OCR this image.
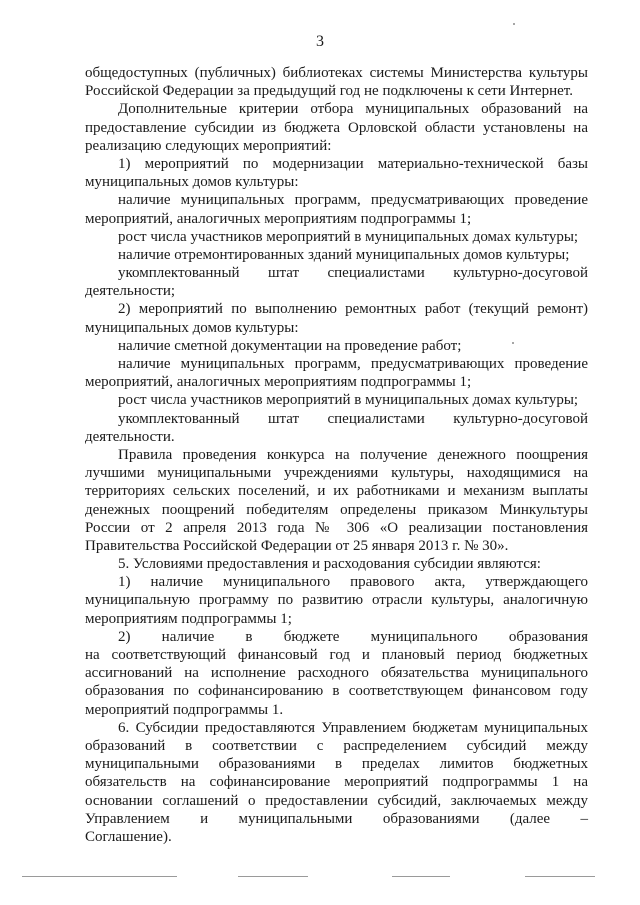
3
общедоступных (публичных) библиотеках системы Министерства культуры
Российской Федерации за предыдущий год не подключены к сети Интернет.
Дополнительные критерии отбора муниципальных образований на
предоставление субсидии из бюджета Орловской области установлены на
реализацию следующих мероприятий:
1) мероприятий по модернизации материально-технической базы
муниципальных домов культуры:
наличие муниципальных программ, предусматривающих проведение
мероприятий, аналогичных мероприятиям подпрограммы 1;
рост числа участников мероприятий в муниципальных домах культуры;
наличие отремонтированных зданий муниципальных домов культуры;
укомплектованный штат специалистами культурно-досуговой
деятельности;
2) мероприятий по выполнению ремонтных работ (текущий ремонт)
муниципальных домов культуры:
наличие сметной документации на проведение работ;
наличие муниципальных программ, предусматривающих проведение
мероприятий, аналогичных мероприятиям подпрограммы 1;
рост числа участников мероприятий в муниципальных домах культуры;
укомплектованный штат специалистами культурно-досуговой
деятельности.
Правила проведения конкурса на получение денежного поощрения
лучшими муниципальными учреждениями культуры, находящимися на
территориях сельских поселений, и их работниками и механизм выплаты
денежных поощрений победителям определены приказом Минкультуры
России от 2 апреля 2013 года № 306 «О реализации постановления
Правительства Российской Федерации от 25 января 2013 г. № 30».
5. Условиями предоставления и расходования субсидии являются:
1) наличие муниципального правового акта, утверждающего
муниципальную программу по развитию отрасли культуры, аналогичную
мероприятиям подпрограммы 1;
2) наличие в бюджете муниципального образования
на соответствующий финансовый год и плановый период бюджетных
ассигнований на исполнение расходного обязательства муниципального
образования по софинансированию в соответствующем финансовом году
мероприятий подпрограммы 1.
6. Субсидии предоставляются Управлением бюджетам муниципальных
образований в соответствии с распределением субсидий между
муниципальными образованиями в пределах лимитов бюджетных
обязательств на софинансирование мероприятий подпрограммы 1 на
основании соглашений о предоставлении субсидий, заключаемых между
Управлением и муниципальными образованиями (далее –
Соглашение).
